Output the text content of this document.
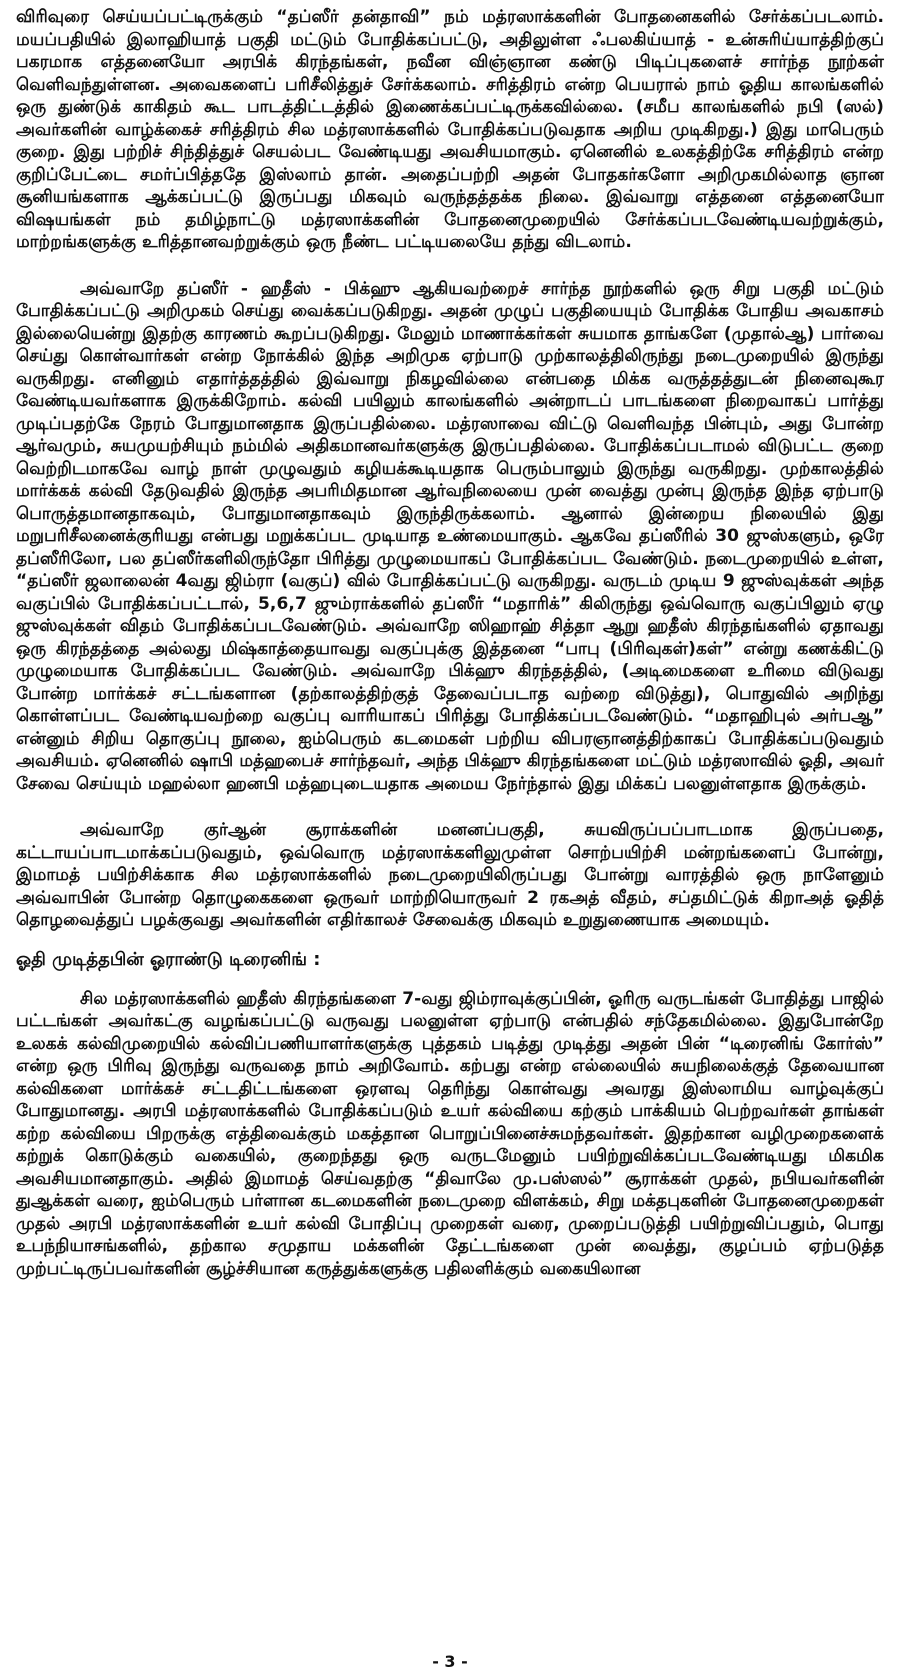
விரிவுரை செய்யப்பட்டிருக்கும் “தப்ஸீர் தன்தாவி” நம் மத்ரஸாக்களின் போதனைகளில் சேர்க்கப்படலாம். மயப்பதியில் இலாஹியாத் பகுதி மட்டும் போதிக்கப்பட்டு, அதிலுள்ள ஃபலகிய்யாத் - உன்சுரிய்யாத்திற்குப் பகரமாக எத்தனையோ அரபிக் கிரந்தங்கள், நவீன விஞ்ஞான கண்டு பிடிப்புகளைச் சார்ந்த நூற்கள் வெளிவந்துள்ளன. அவைகளைப் பரிசீலித்துச் சேர்க்கலாம். சரித்திரம் என்ற பெயரால் நாம் ஓதிய காலங்களில் ஒரு துண்டுக் காகிதம் கூட பாடத்திட்டத்தில் இணைக்கப்பட்டிருக்கவில்லை. (சமீப காலங்களில் நபி (ஸல்) அவர்களின் வாழ்க்கைச் சரித்திரம் சில மத்ரஸாக்களில் போதிக்கப்படுவதாக அறிய முடிகிறது.) இது மாபெரும் குறை. இது பற்றிச் சிந்தித்துச் செயல்பட வேண்டியது அவசியமாகும். ஏனெனில் உலகத்திற்கே சரித்திரம் என்ற குறிப்பேட்டை சமர்ப்பித்ததே இஸ்லாம் தான். அதைப்பற்றி அதன் போதகர்களோ அறிமுகமில்லாத ஞான சூனியங்களாக ஆக்கப்பட்டு இருப்பது மிகவும் வருந்தத்தக்க நிலை. இவ்வாறு எத்தனை எத்தனையோ விஷயங்கள் நம் தமிழ்நாட்டு மத்ரஸாக்களின் போதனைமுறையில் சேர்க்கப்படவேண்டியவற்றுக்கும், மாற்றங்களுக்கு உரித்தானவற்றுக்கும் ஒரு நீண்ட பட்டியலையே தந்து விடலாம்.

அவ்வாறே தப்ஸீர் - ஹதீஸ் - பிக்ஹு ஆகியவற்றைச் சார்ந்த நூற்களில் ஒரு சிறு பகுதி மட்டும் போதிக்கப்பட்டு அறிமுகம் செய்து வைக்கப்படுகிறது. அதன் முழுப் பகுதியையும் போதிக்க போதிய அவகாசம் இல்லையென்று இதற்கு காரணம் கூறப்படுகிறது. மேலும் மாணாக்கர்கள் சுயமாக தாங்களே (முதால்ஆ) பார்வை செய்து கொள்வார்கள் என்ற நோக்கில் இந்த அறிமுக ஏற்பாடு முற்காலத்திலிருந்து நடைமுறையில் இருந்து வருகிறது. எனினும் எதார்த்தத்தில் இவ்வாறு நிகழவில்லை என்பதை மிக்க வருத்தத்துடன் நினைவுகூர வேண்டியவர்களாக இருக்கிறோம். கல்வி பயிலும் காலங்களில் அன்றாடப் பாடங்களை நிறைவாகப் பார்த்து முடிப்பதற்கே நேரம் போதுமானதாக இருப்பதில்லை. மத்ரஸாவை விட்டு வெளிவந்த பின்பும், அது போன்ற ஆர்வமும், சுயமுயற்சியும் நம்மில் அதிகமானவர்களுக்கு இருப்பதில்லை. போதிக்கப்படாமல் விடுபட்ட குறை வெற்றிடமாகவே வாழ் நாள் முழுவதும் கழியக்கூடியதாக பெரும்பாலும் இருந்து வருகிறது. முற்காலத்தில் மார்க்கக் கல்வி தேடுவதில் இருந்த அபரிமிதமான ஆர்வநிலையை முன் வைத்து முன்பு இருந்த இந்த ஏற்பாடு பொருத்தமானதாகவும், போதுமானதாகவும் இருந்திருக்கலாம். ஆனால் இன்றைய நிலையில் இது மறுபரிசீலனைக்குரியது என்பது மறுக்கப்பட முடியாத உண்மையாகும். ஆகவே தப்ஸீரில் 30 ஜுஸ்களும், ஒரே தப்ஸீரிலோ, பல தப்ஸீர்களிலிருந்தோ பிரித்து முழுமையாகப் போதிக்கப்பட வேண்டும். நடைமுறையில் உள்ள, “தப்ஸீர் ஜலாலைன் 4வது ஜிம்ரா (வகுப்) வில் போதிக்கப்பட்டு வருகிறது. வருடம் முடிய 9 ஜுஸ்வுக்கள் அந்த வகுப்பில் போதிக்கப்பட்டால், 5,6,7 ஜும்ராக்களில் தப்ஸீர் “மதாரிக்” கிலிருந்து ஒவ்வொரு வகுப்பிலும் ஏழு ஜுஸ்வுக்கள் விதம் போதிக்கப்படவேண்டும். அவ்வாறே ஸிஹாஹ் சித்தா ஆறு ஹதீஸ் கிரந்தங்களில் ஏதாவது ஒரு கிரந்தத்தை அல்லது மிஷ்காத்தையாவது வகுப்புக்கு இத்தனை “பாபு (பிரிவுகள்)கள்” என்று கணக்கிட்டு முழுமையாக போதிக்கப்பட வேண்டும். அவ்வாறே பிக்ஹு கிரந்தத்தில், (அடிமைகளை உரிமை விடுவது போன்ற மார்க்கச் சட்டங்களான (தற்காலத்திற்குத் தேவைப்படாத வற்றை விடுத்து), பொதுவில் அறிந்து கொள்ளப்பட வேண்டியவற்றை வகுப்பு வாரியாகப் பிரித்து போதிக்கப்படவேண்டும். “மதாஹிபுல் அர்பஆ” என்னும் சிறிய தொகுப்பு நூலை, ஐம்பெரும் கடமைகள் பற்றிய விபரஞானத்திற்காகப் போதிக்கப்படுவதும் அவசியம். ஏனெனில் ஷாபி மத்ஹபைச் சார்ந்தவர், அந்த பிக்ஹு கிரந்தங்களை மட்டும் மத்ரஸாவில் ஓதி, அவர் சேவை செய்யும் மஹல்லா ஹனபி மத்ஹபுடையதாக அமைய நேர்ந்தால் இது மிக்கப் பலனுள்ளதாக இருக்கும்.

அவ்வாறே குர்ஆன் சூராக்களின் மனனப்பகுதி, சுயவிருப்பப்பாடமாக இருப்பதை, கட்டாயப்பாடமாக்கப்படுவதும், ஒவ்வொரு மத்ரஸாக்களிலுமுள்ள சொற்பயிற்சி மன்றங்களைப் போன்று, இமாமத் பயிற்சிக்காக சில மத்ரஸாக்களில் நடைமுறையிலிருப்பது போன்று வாரத்தில் ஒரு நாளேனும் அவ்வாபின் போன்ற தொழுகைகளை ஒருவர் மாற்றியொருவர் 2 ரகஅத் வீதம், சப்தமிட்டுக் கிறாஅத் ஓதித் தொழவைத்துப் பழக்குவது அவர்களின் எதிர்காலச் சேவைக்கு மிகவும் உறுதுணையாக அமையும்.

ஓதி முடித்தபின் ஓராண்டு டிரைனிங் :

சில மத்ரஸாக்களில் ஹதீஸ் கிரந்தங்களை 7-வது ஜிம்ராவுக்குப்பின், ஓரிரு வருடங்கள் போதித்து பாஜில் பட்டங்கள் அவர்கட்கு வழங்கப்பட்டு வருவது பலனுள்ள ஏற்பாடு என்பதில் சந்தேகமில்லை. இதுபோன்றே உலகக் கல்விமுறையில் கல்விப்பணியாளர்களுக்கு புத்தகம் படித்து முடித்து அதன் பின் “டிரைனிங் கோர்ஸ்” என்ற ஒரு பிரிவு இருந்து வருவதை நாம் அறிவோம். கற்பது என்ற எல்லையில் சுயநிலைக்குத் தேவையான கல்விகளை மார்க்கச் சட்டதிட்டங்களை ஒரளவு தெரிந்து கொள்வது அவரது இஸ்லாமிய வாழ்வுக்குப் போதுமானது. அரபி மத்ரஸாக்களில் போதிக்கப்படும் உயர் கல்வியை கற்கும் பாக்கியம் பெற்றவர்கள் தாங்கள் கற்ற கல்வியை பிறருக்கு எத்திவைக்கும் மகத்தான பொறுப்பினைச்சுமந்தவர்கள். இதற்கான வழிமுறைகளைக் கற்றுக் கொடுக்கும் வகையில், குறைந்தது ஒரு வருடமேனும் பயிற்றுவிக்கப்படவேண்டியது மிகமிக அவசியமானதாகும். அதில் இமாமத் செய்வதற்கு “திவாலே மு.பஸ்ஸல்” சூராக்கள் முதல், நபியவர்களின் துஆக்கள் வரை, ஐம்பெரும் பர்ளான கடமைகளின் நடைமுறை விளக்கம், சிறு மக்தபுகளின் போதனைமுறைகள் முதல் அரபி மத்ரஸாக்களின் உயர் கல்வி போதிப்பு முறைகள் வரை, முறைப்படுத்தி பயிற்றுவிப்பதும், பொது உபந்நியாசங்களில், தற்கால சமுதாய மக்களின் தேட்டங்களை முன் வைத்து, குழப்பம் ஏற்படுத்த முற்பட்டிருப்பவர்களின் சூழ்ச்சியான கருத்துக்களுக்கு பதிலளிக்கும் வகையிலான

- 3 -
